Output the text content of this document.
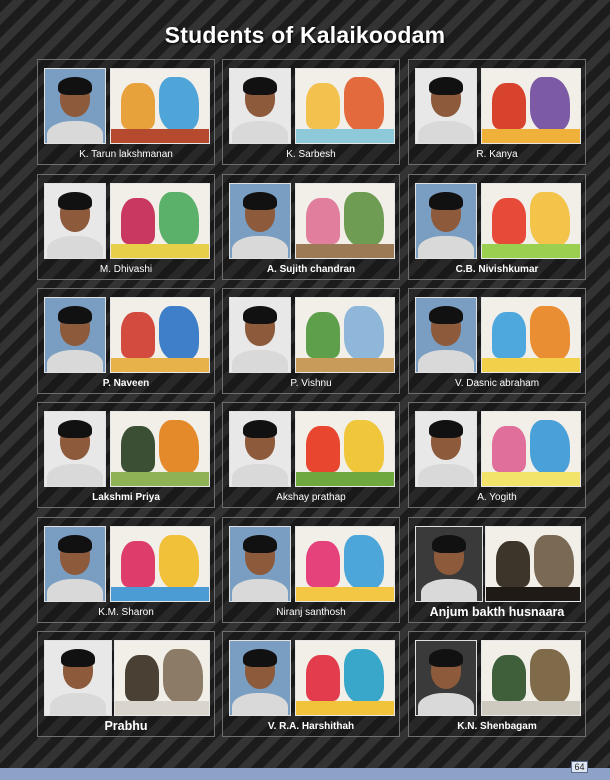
Students of Kalaikoodam
K. Tarun lakshmanan	K. Sarbesh	R. Kanya
M. Dhivashi	A. Sujith chandran	C.B. Nivishkumar
P. Naveen	P. Vishnu	V. Dasnic abraham
Lakshmi Priya	Akshay prathap	A. Yogith
K.M. Sharon	Niranj santhosh	Anjum bakth husnaara
Prabhu	V. R.A. Harshithah	K.N. Shenbagam
64
